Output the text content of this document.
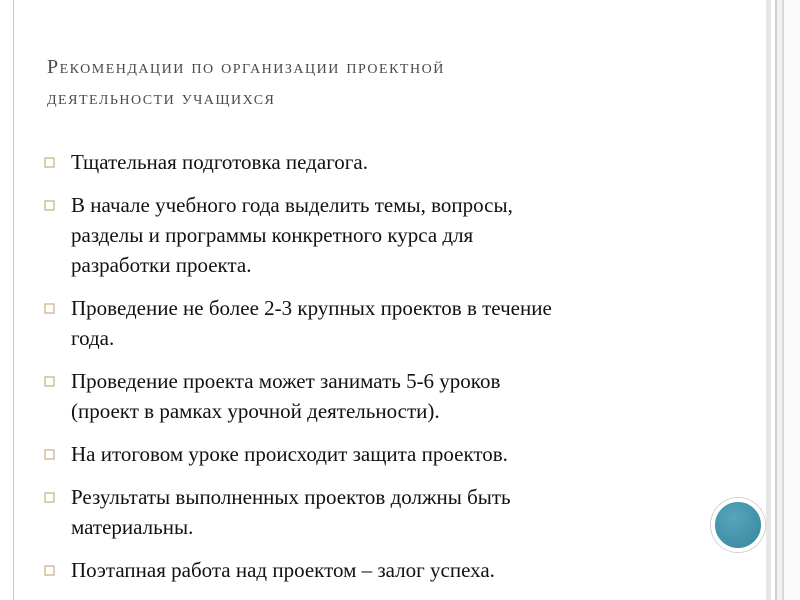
Рекомендации по организации проектной
деятельности учащихся
Тщательная подготовка педагога.
В начале учебного года выделить темы, вопросы,
разделы и программы конкретного курса для
разработки проекта.
Проведение не более 2-3 крупных проектов в течение
года.
Проведение проекта может занимать 5-6 уроков
(проект в рамках урочной деятельности).
На итоговом уроке происходит защита проектов.
Результаты выполненных проектов должны быть
материальны.
Поэтапная работа над проектом – залог успеха.
